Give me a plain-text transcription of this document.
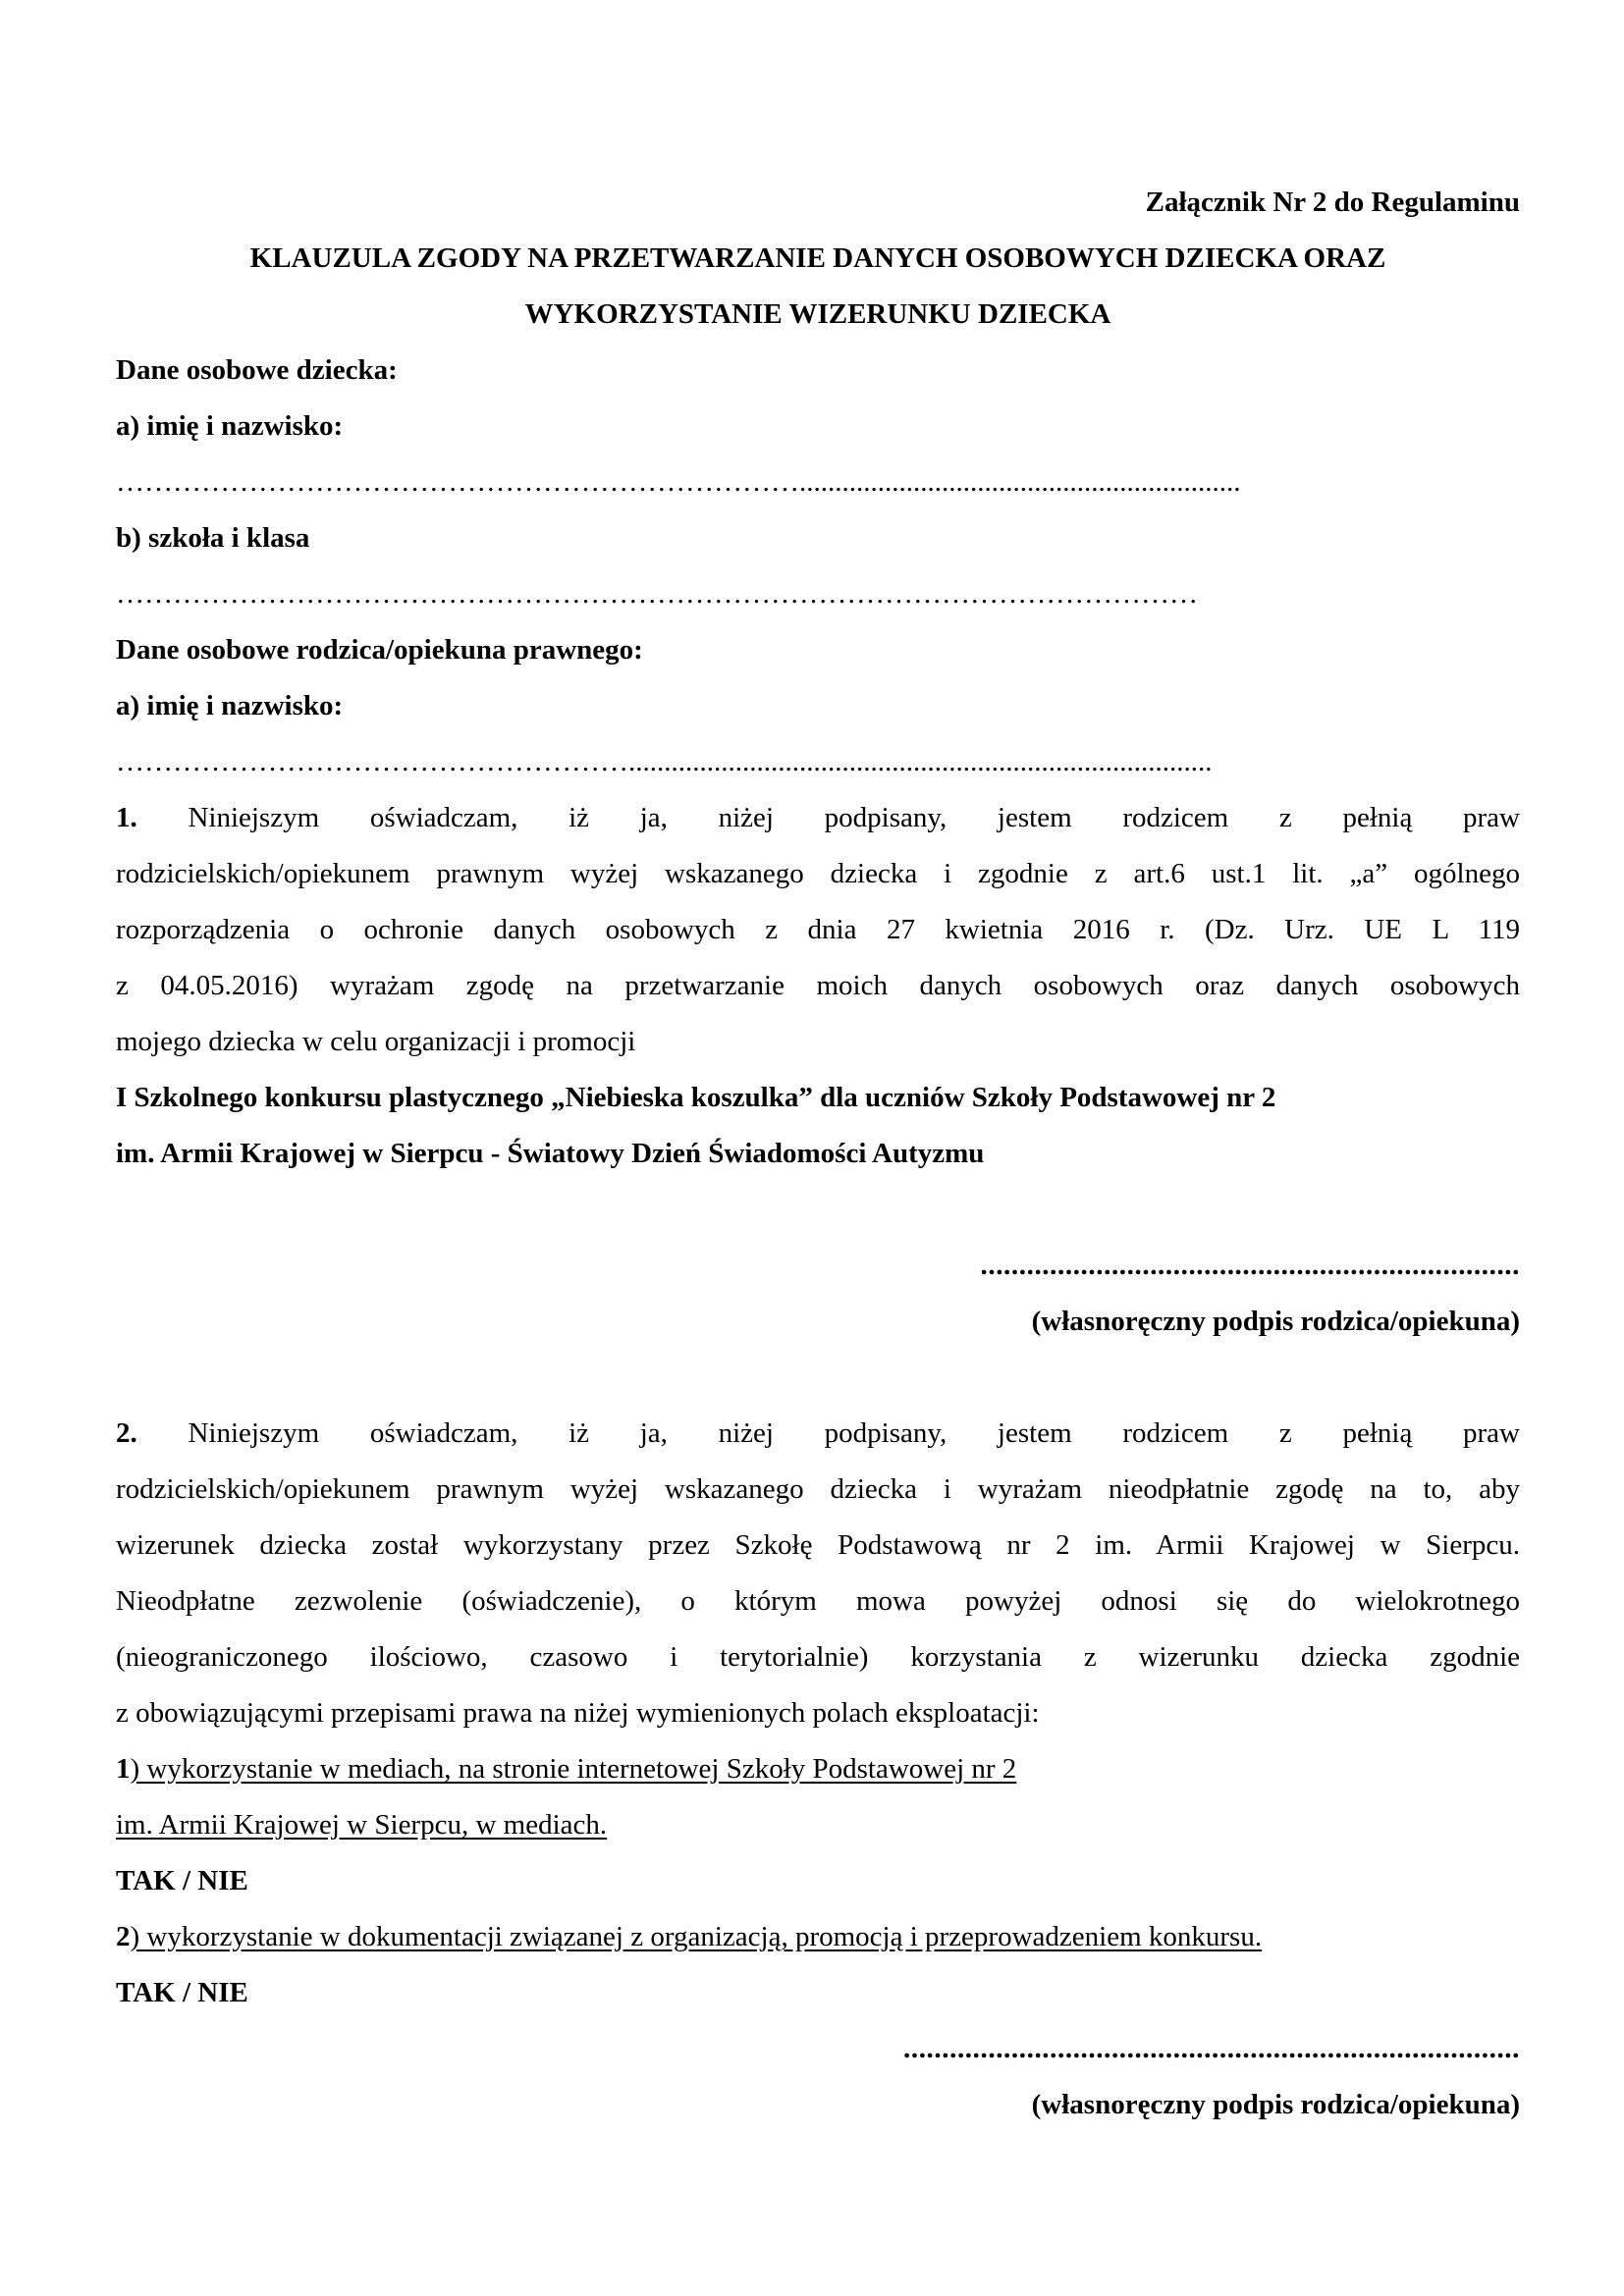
Załącznik Nr 2 do Regulaminu
KLAUZULA ZGODY NA PRZETWARZANIE DANYCH OSOBOWYCH DZIECKA ORAZ
WYKORZYSTANIE WIZERUNKU DZIECKA
Dane osobowe dziecka:
a) imię i nazwisko:
………………………………………………………………..............................................................
b) szkoła i klasa
……………………………………………………………………………………………………
Dane osobowe rodzica/opiekuna prawnego:
a) imię i nazwisko:
………………………………………………..................................................................................
1. Niniejszym oświadczam, iż ja, niżej podpisany, jestem rodzicem z pełnią praw
rodzicielskich/opiekunem prawnym wyżej wskazanego dziecka i zgodnie z art.6 ust.1 lit. „a” ogólnego
rozporządzenia o ochronie danych osobowych z dnia 27 kwietnia 2016 r. (Dz. Urz. UE L 119
z 04.05.2016) wyrażam zgodę na przetwarzanie moich danych osobowych oraz danych osobowych
mojego dziecka w celu organizacji i promocji
I Szkolnego konkursu plastycznego „Niebieska koszulka” dla uczniów Szkoły Podstawowej nr 2
im. Armii Krajowej w Sierpcu - Światowy Dzień Świadomości Autyzmu
......................................................................
(własnoręczny podpis rodzica/opiekuna)
2. Niniejszym oświadczam, iż ja, niżej podpisany, jestem rodzicem z pełnią praw
rodzicielskich/opiekunem prawnym wyżej wskazanego dziecka i wyrażam nieodpłatnie zgodę na to, aby
wizerunek dziecka został wykorzystany przez Szkołę Podstawową nr 2 im. Armii Krajowej w Sierpcu.
Nieodpłatne zezwolenie (oświadczenie), o którym mowa powyżej odnosi się do wielokrotnego
(nieograniczonego ilościowo, czasowo i terytorialnie) korzystania z wizerunku dziecka zgodnie
z obowiązującymi przepisami prawa na niżej wymienionych polach eksploatacji:
1) wykorzystanie w mediach, na stronie internetowej Szkoły Podstawowej nr 2
im. Armii Krajowej w Sierpcu, w mediach.
TAK / NIE
2) wykorzystanie w dokumentacji związanej z organizacją, promocją i przeprowadzeniem konkursu.
TAK / NIE
................................................................................
(własnoręczny podpis rodzica/opiekuna)
